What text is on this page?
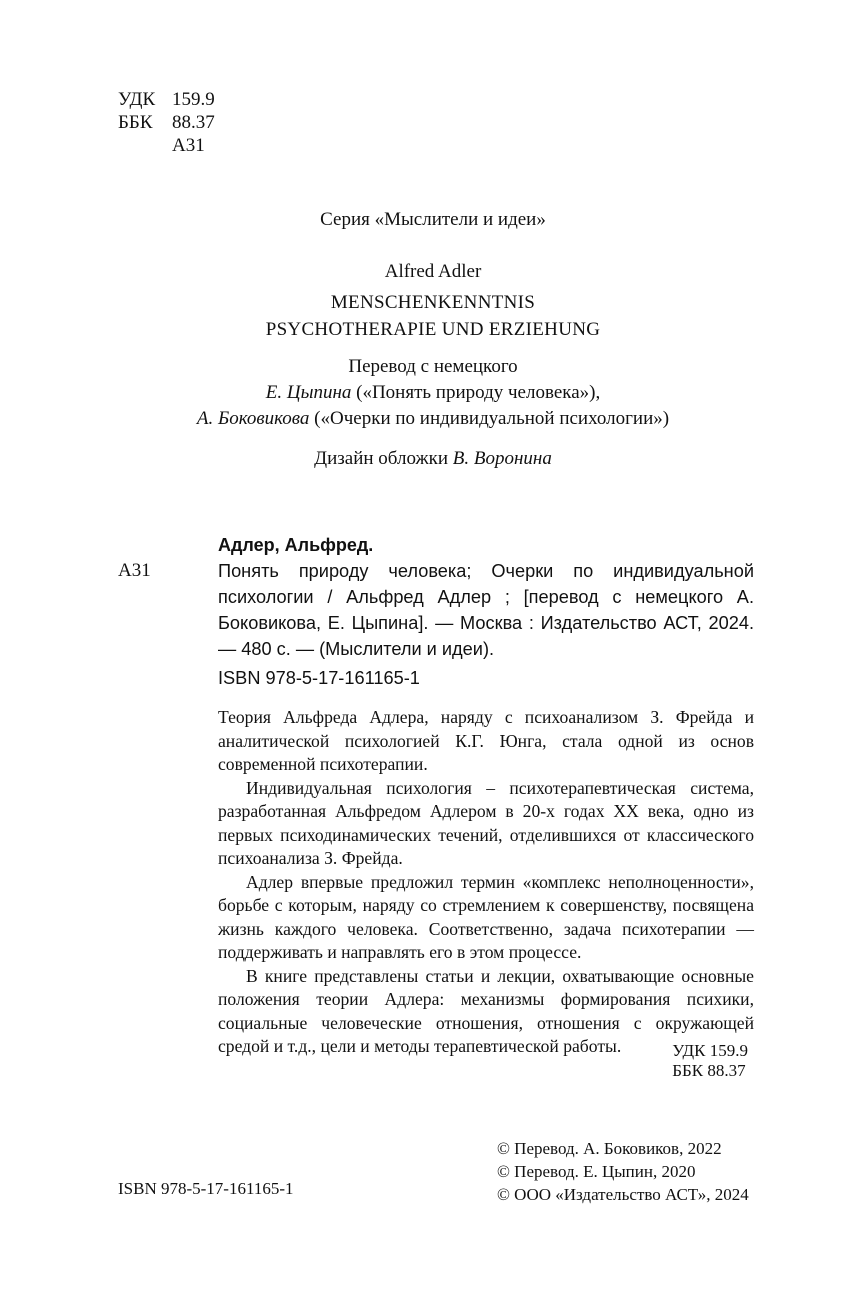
УДК 159.9
ББК	88.37
А31
Серия «Мыслители и идеи»
Alfred Adler
MENSCHENKENNTNIS
PSYCHOTHERAPIE UND ERZIEHUNG
Перевод с немецкого
Е. Цыпина («Понять природу человека»),
А. Боковикова («Очерки по индивидуальной психологии»)
Дизайн обложки В. Воронина
Адлер, Альфред.
А31	Понять природу человека; Очерки по индивидуальной психологии / Альфред Адлер ; [перевод с немецкого А. Боковикова, Е. Цыпина]. — Москва : Издательство АСТ, 2024. — 480 с. — (Мыслители и идеи).
ISBN 978-5-17-161165-1

Теория Альфреда Адлера, наряду с психоанализом З. Фрейда и аналитической психологией К.Г. Юнга, стала одной из основ современной психотерапии.

Индивидуальная психология – психотерапевтическая система, разработанная Альфредом Адлером в 20-х годах XX века, одно из первых психодинамических течений, отделившихся от классического психоанализа З. Фрейда.

Адлер впервые предложил термин «комплекс неполноценности», борьбе с которым, наряду со стремлением к совершенству, посвящена жизнь каждого человека. Соответственно, задача психотерапии — поддерживать и направлять его в этом процессе.

В книге представлены статьи и лекции, охватывающие основные положения теории Адлера: механизмы формирования психики, социальные человеческие отношения, отношения с окружающей средой и т.д., цели и методы терапевтической работы.	УДК 159.9
ББК 88.37
© Перевод. А. Боковиков, 2022
© Перевод. Е. Цыпин, 2020
© ООО «Издательство АСТ», 2024
ISBN 978-5-17-161165-1
